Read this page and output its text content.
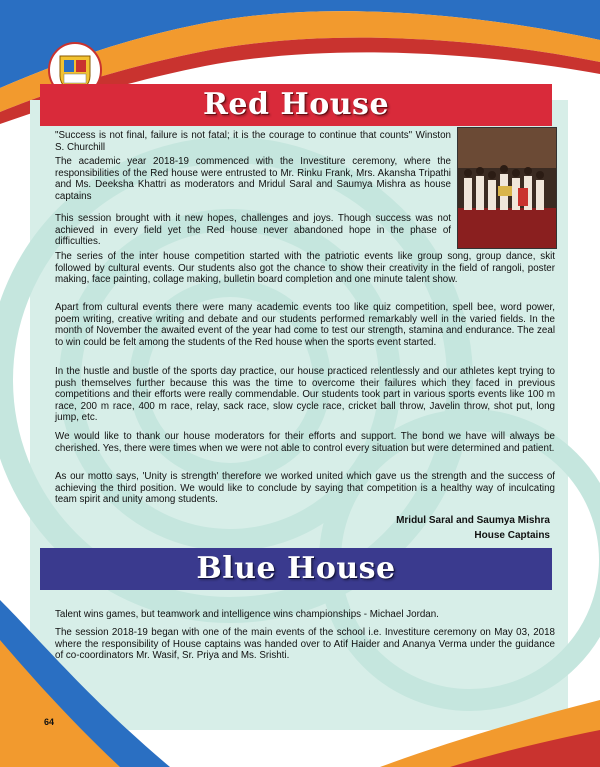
Red House

"Success is not final, failure is not fatal; it is the courage to continue that counts" Winston S. Churchill

The academic year 2018-19 commenced with the Investiture ceremony, where the responsibilities of the Red house were entrusted to Mr. Rinku Frank, Mrs. Akansha Tripathi and Ms. Deeksha Khattri as moderators and Mridul Saral and Saumya Mishra as house captains

This session brought with it new hopes, challenges and joys. Though success was not achieved in every field yet the Red house never abandoned hope in the phase of difficulties.

The series of the inter house competition started with the patriotic events like group song, group dance, skit followed by cultural events. Our students also got the chance to show their creativity in the field of rangoli, poster making, face painting, collage making, bulletin board completion and one minute talent show.

Apart from cultural events there were many academic events too like quiz competition, spell bee, word power, poem writing, creative writing and debate and our students performed remarkably well in the varied fields. In the month of November the awaited event of the year had come to test our strength, stamina and endurance. The zeal to win could be felt among the students of the Red house when the sports event started.

In the hustle and bustle of the sports day practice, our house practiced relentlessly and our athletes kept trying to push themselves further because this was the time to overcome their failures which they faced in previous competitions and their efforts were really commendable. Our students took part in various sports events like 100 m race, 200 m race, 400 m race, relay, sack race, slow cycle race, cricket ball throw, Javelin throw, shot put, long jump, etc.

We would like to thank our house moderators for their efforts and support. The bond we have will always be cherished. Yes, there were times when we were not able to control every situation but were determined and patient.

As our motto says, 'Unity is strength' therefore we worked united which gave us the strength and the success of achieving the third position. We would like to conclude by saying that competition is a healthy way of inculcating team spirit and unity among students.

Mridul Saral and Saumya Mishra
House Captains
Blue House

Talent wins games, but teamwork and intelligence wins championships - Michael Jordan.

The session 2018-19 began with one of the main events of the school i.e. Investiture ceremony on May 03, 2018 where the responsibility of House captains was handed over to Atif Haider and Ananya Verma under the guidance of co-coordinators Mr. Wasif, Sr. Priya and Ms. Srishti.

64
